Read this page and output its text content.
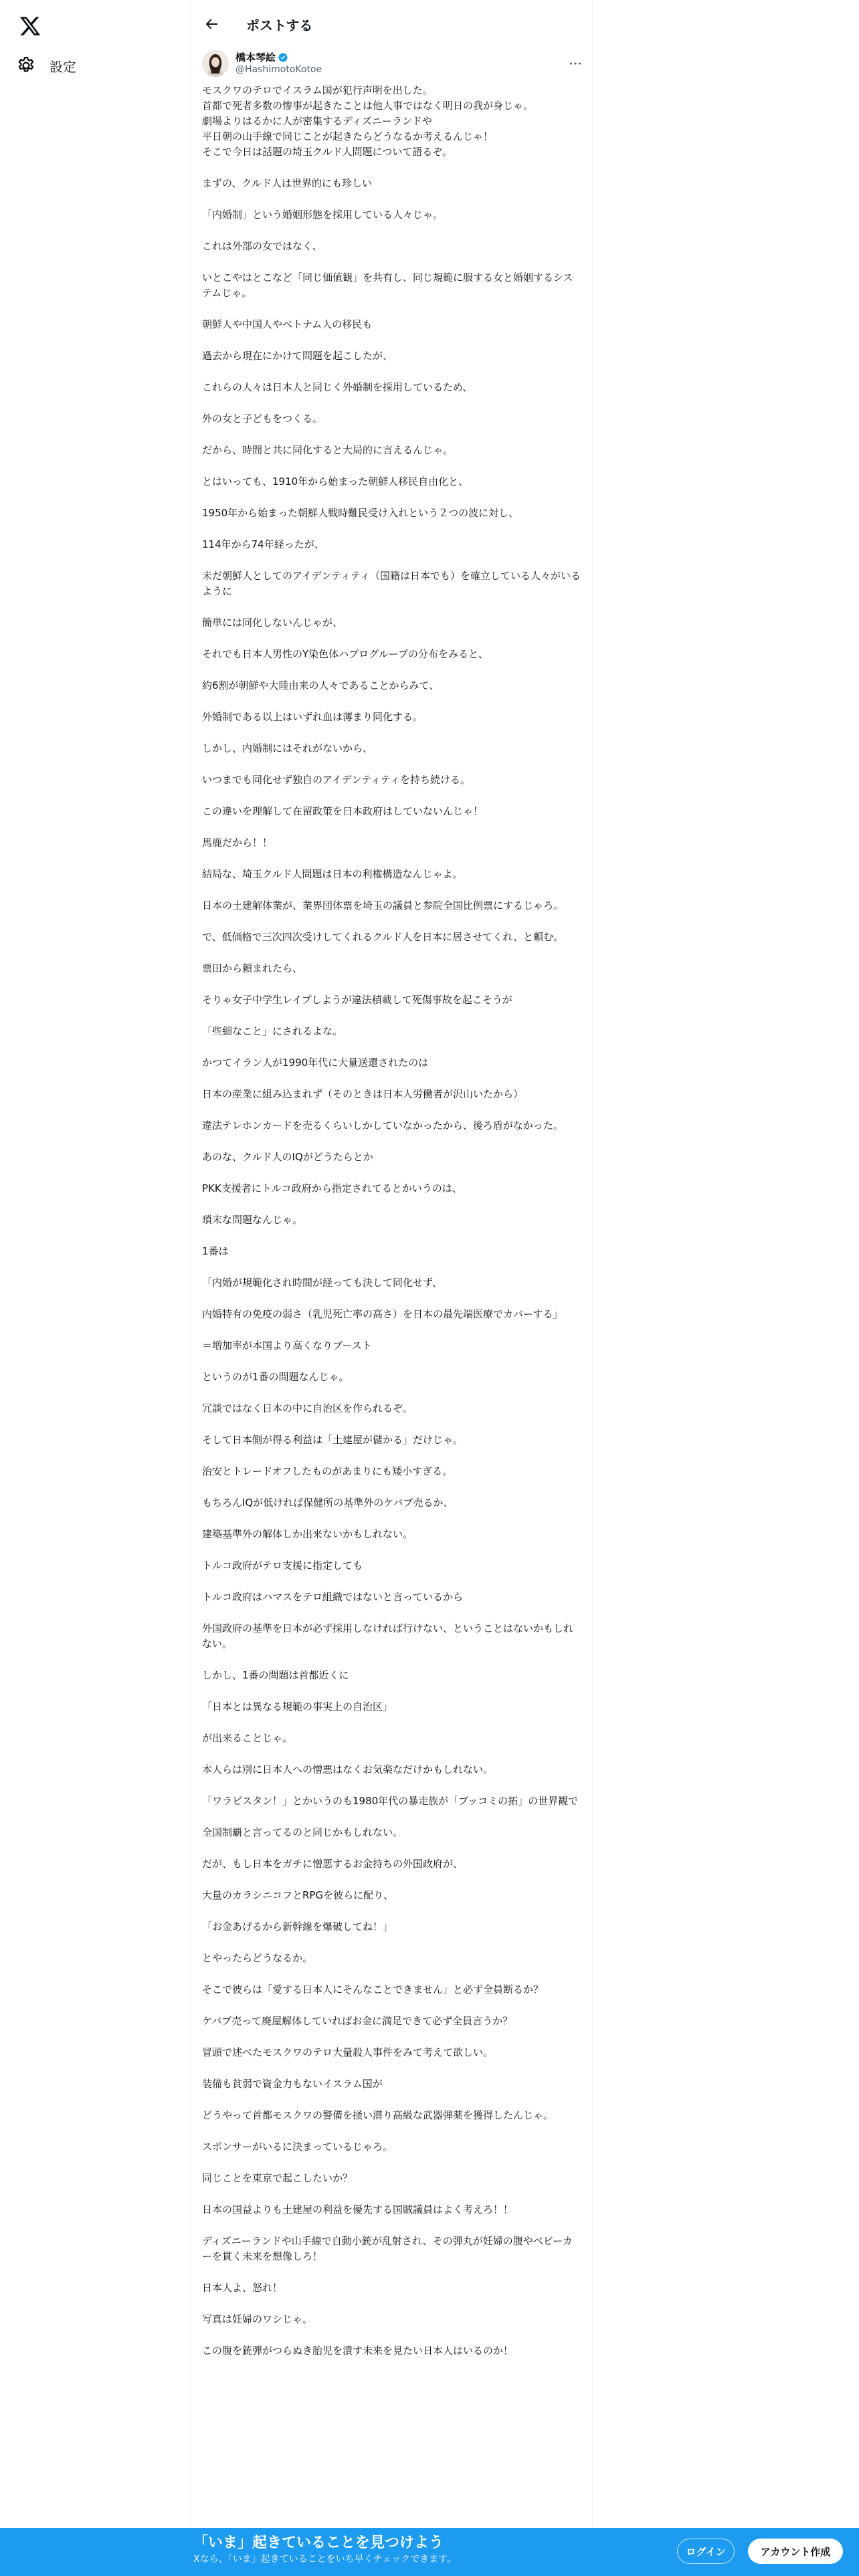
設定
ポストする
橋本琴絵
@HashimotoKotoe

モスクワのテロでイスラム国が犯行声明を出した。

首都で死者多数の惨事が起きたことは他人事ではなく明日の我が身じゃ。

劇場よりはるかに人が密集するディズニーランドや

平日朝の山手線で同じことが起きたらどうなるか考えるんじゃ！

そこで今日は話題の埼玉クルド人問題について語るぞ。

まずの、クルド人は世界的にも珍しい

「内婚制」という婚姻形態を採用している人々じゃ。

これは外部の女ではなく、

いとこやはとこなど「同じ価値観」を共有し、同じ規範に服する女と婚姻するシステムじゃ。

朝鮮人や中国人やベトナム人の移民も

過去から現在にかけて問題を起こしたが、

これらの人々は日本人と同じく外婚制を採用しているため、

外の女と子どもをつくる。

だから、時間と共に同化すると大局的に言えるんじゃ。

とはいっても、1910年から始まった朝鮮人移民自由化と、

1950年から始まった朝鮮人戦時難民受け入れという２つの波に対し、

114年から74年経ったが、

未だ朝鮮人としてのアイデンティティ（国籍は日本でも）を確立している人々がいるように

簡単には同化しないんじゃが、

それでも日本人男性のY染色体ハプログループの分布をみると、

約6割が朝鮮や大陸由来の人々であることからみて、

外婚制である以上はいずれ血は薄まり同化する。

しかし、内婚制にはそれがないから、

いつまでも同化せず独自のアイデンティティを持ち続ける。

この違いを理解して在留政策を日本政府はしていないんじゃ！

馬鹿だから！！

結局な、埼玉クルド人問題は日本の利権構造なんじゃよ。

日本の土建解体業が、業界団体票を埼玉の議員と参院全国比例票にするじゃろ。

で、低価格で三次四次受けしてくれるクルド人を日本に居させてくれ、と頼む。

票田から頼まれたら、

そりゃ女子中学生レイプしようが違法積載して死傷事故を起こそうが

「些細なこと」にされるよな。

かつてイラン人が1990年代に大量送還されたのは

日本の産業に組み込まれず（そのときは日本人労働者が沢山いたから）

違法テレホンカードを売るくらいしかしていなかったから、後ろ盾がなかった。

あのな、クルド人のIQがどうたらとか

PKK支援者にトルコ政府から指定されてるとかいうのは、

瑣末な問題なんじゃ。

1番は

「内婚が規範化され時間が経っても決して同化せず、

内婚特有の免疫の弱さ（乳児死亡率の高さ）を日本の最先端医療でカバーする」

＝増加率が本国より高くなりブースト

というのが1番の問題なんじゃ。

冗談ではなく日本の中に自治区を作られるぞ。

そして日本側が得る利益は「土建屋が儲かる」だけじゃ。

治安とトレードオフしたものがあまりにも矮小すぎる。

もちろんIQが低ければ保健所の基準外のケバブ売るか、

建築基準外の解体しか出来ないかもしれない。

トルコ政府がテロ支援に指定しても

トルコ政府はハマスをテロ組織ではないと言っているから

外国政府の基準を日本が必ず採用しなければ行けない、ということはないかもしれない。

しかし、1番の問題は首都近くに

「日本とは異なる規範の事実上の自治区」

が出来ることじゃ。

本人らは別に日本人への憎悪はなくお気楽なだけかもしれない。

「ワラビスタン！」とかいうのも1980年代の暴走族が「ブッコミの拓」の世界観で

全国制覇と言ってるのと同じかもしれない。

だが、もし日本をガチに憎悪するお金持ちの外国政府が、

大量のカラシニコフとRPGを彼らに配り、

「お金あげるから新幹線を爆破してね！」

とやったらどうなるか。

そこで彼らは「愛する日本人にそんなことできません」と必ず全員断るか？

ケバブ売って廃屋解体していればお金に満足できて必ず全員言うか？

冒頭で述べたモスクワのテロ大量殺人事件をみて考えて欲しい。

装備も貧弱で資金力もないイスラム国が

どうやって首都モスクワの警備を掻い潜り高級な武器弾薬を獲得したんじゃ。

スポンサーがいるに決まっているじゃろ。

同じことを東京で起こしたいか？

日本の国益よりも土建屋の利益を優先する国賊議員はよく考えろ！！

ディズニーランドや山手線で自動小銃が乱射され、その弾丸が妊婦の腹やベビーカーを貫く未来を想像しろ！

日本人よ、怒れ！

写真は妊婦のワシじゃ。

この腹を銃弾がつらぬき胎児を潰す未来を見たい日本人はいるのか！

「いま」起きていることを見つけよう
Xなら、「いま」起きていることをいち早くチェックできます。
ログイン	アカウント作成
